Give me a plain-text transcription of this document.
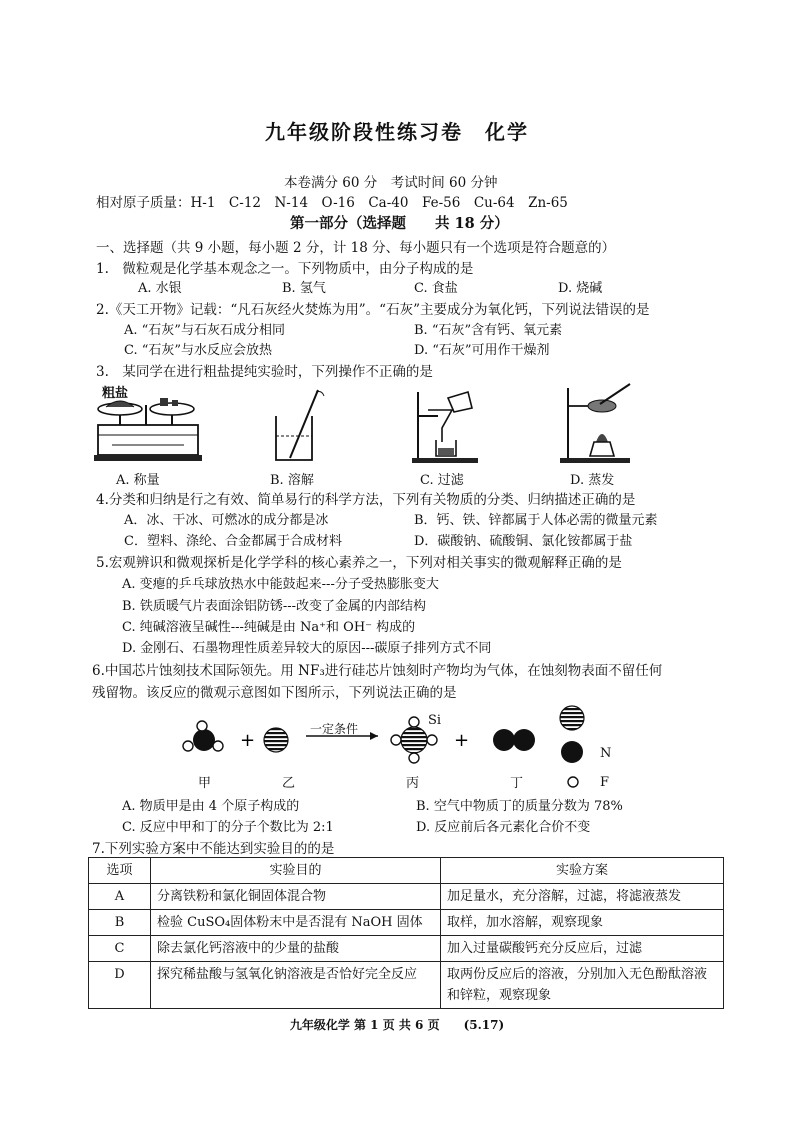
九年级阶段性练习卷　化学
本卷满分 60 分　考试时间 60 分钟
相对原子质量：H-1　C-12　N-14　O-16　Ca-40　Fe-56　Cu-64　Zn-65
第一部分（选择题　　共 18 分）
一、选择题（共 9 小题，每小题 2 分，计 18 分、每小题只有一个选项是符合题意的）
1.　微粒观是化学基本观念之一。下列物质中，由分子构成的是
A. 水银	B. 氢气	C. 食盐	D. 烧碱
2.《天工开物》记载：“凡石灰经火焚炼为用”。“石灰”主要成分为氧化钙，下列说法错误的是
A. “石灰”与石灰石成分相同	B. “石灰”含有钙、氧元素
C. “石灰”与水反应会放热	D. “石灰”可用作干燥剂
3.　某同学在进行粗盐提纯实验时，下列操作不正确的是
粗盐
A. 称量	B. 溶解	C. 过滤	D. 蒸发
4.分类和归纳是行之有效、简单易行的科学方法，下列有关物质的分类、归纳描述正确的是
A．冰、干冰、可燃冰的成分都是冰	B．钙、铁、锌都属于人体必需的微量元素
C．塑料、涤纶、合金都属于合成材料	D．碳酸钠、硫酸铜、氯化铵都属于盐
5.宏观辨识和微观探析是化学学科的核心素养之一，下列对相关事实的微观解释正确的是
A. 变瘪的乒乓球放热水中能鼓起来---分子受热膨胀变大
B. 铁质暖气片表面涂铝防锈---改变了金属的内部结构
C. 纯碱溶液呈碱性---纯碱是由 Na⁺和 OH⁻ 构成的
D. 金刚石、石墨物理性质差异较大的原因---碳原子排列方式不同
6.中国芯片蚀刻技术国际领先。用 NF₃进行硅芯片蚀刻时产物均为气体，在蚀刻物表面不留任何
残留物。该反应的微观示意图如下图所示，下列说法正确的是
+	+
一定条件
Si
N
F
甲	乙	丙	丁
A. 物质甲是由 4 个原子构成的	B. 空气中物质丁的质量分数为 78%
C. 反应中甲和丁的分子个数比为 2:1	D. 反应前后各元素化合价不变
7.下列实验方案中不能达到实验目的的是
选项	实验目的	实验方案
A	分离铁粉和氯化铜固体混合物	加足量水，充分溶解，过滤，将滤液蒸发
B	检验 CuSO₄固体粉末中是否混有 NaOH 固体	取样，加水溶解，观察现象
C	除去氯化钙溶液中的少量的盐酸	加入过量碳酸钙充分反应后，过滤
D	探究稀盐酸与氢氧化钠溶液是否恰好完全反应	取两份反应后的溶液，分别加入无色酚酞溶液和锌粒，观察现象
九年级化学 第 1 页 共 6 页　　(5.17)
